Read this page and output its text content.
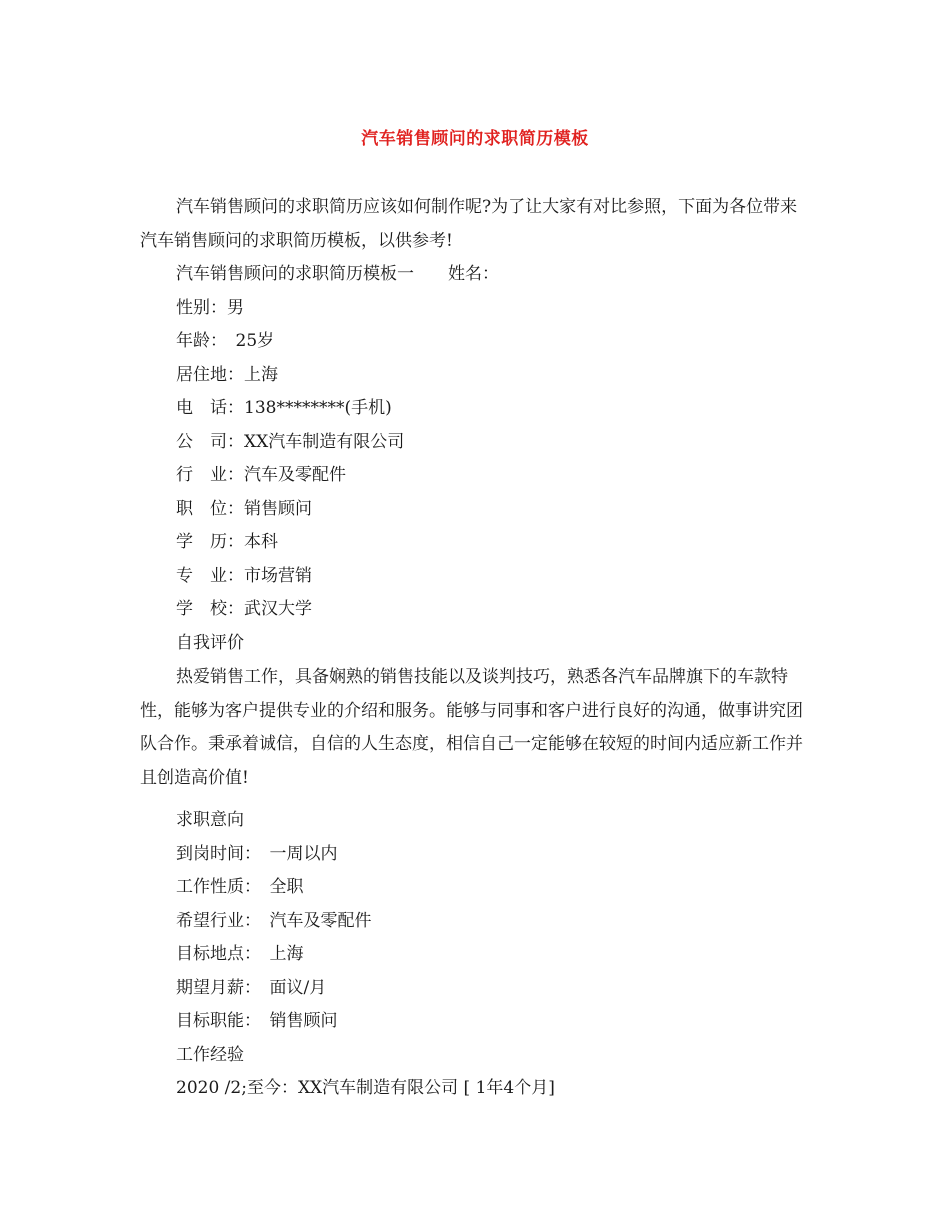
汽车销售顾问的求职简历模板

汽车销售顾问的求职简历应该如何制作呢?为了让大家有对比参照，下面为各位带来汽车销售顾问的求职简历模板，以供参考!

汽车销售顾问的求职简历模板一　　姓名：
性别：男
年龄：　25岁
居住地：上海
电　话：138********(手机)
公　司：XX汽车制造有限公司
行　业：汽车及零配件
职　位：销售顾问
学　历：本科
专　业：市场营销
学　校：武汉大学
自我评价

热爱销售工作，具备娴熟的销售技能以及谈判技巧，熟悉各汽车品牌旗下的车款特性，能够为客户提供专业的介绍和服务。能够与同事和客户进行良好的沟通，做事讲究团队合作。秉承着诚信，自信的人生态度，相信自己一定能够在较短的时间内适应新工作并且创造高价值!

求职意向
到岗时间：　一周以内
工作性质：　全职
希望行业：　汽车及零配件
目标地点：　上海
期望月薪：　面议/月
目标职能：　销售顾问
工作经验
2020 /2;至今：XX汽车制造有限公司 [ 1年4个月]
